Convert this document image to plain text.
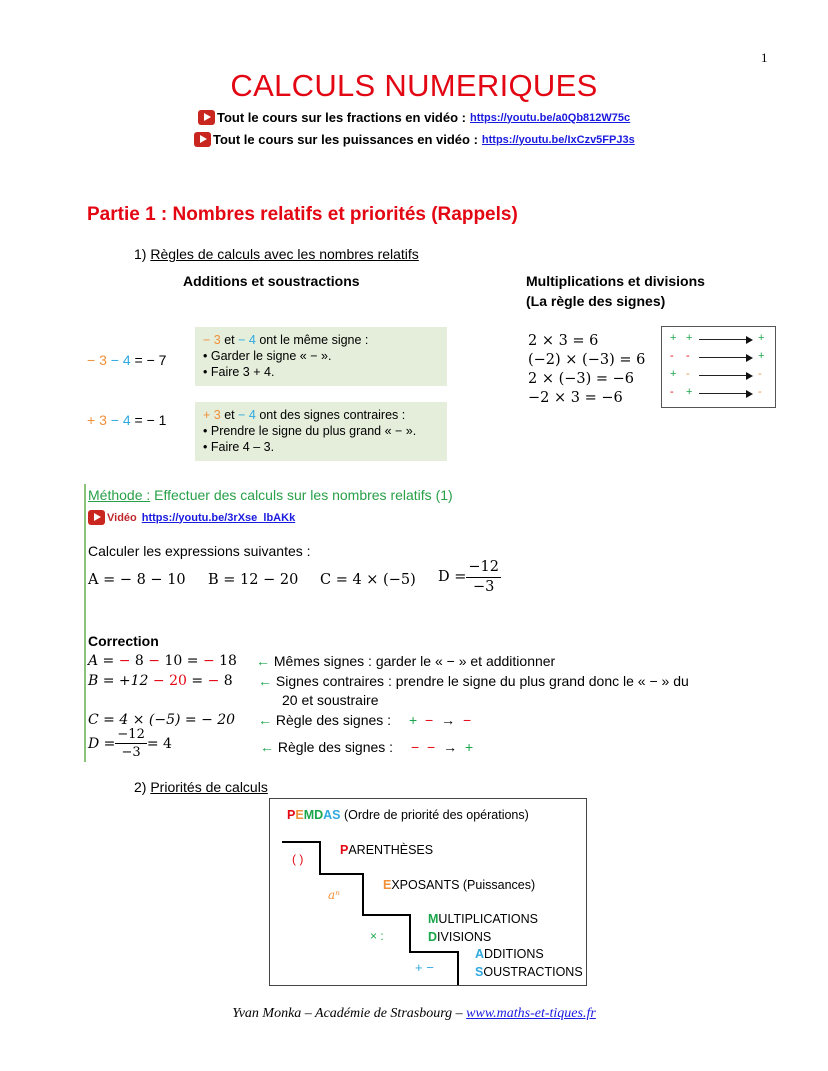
1
CALCULS NUMERIQUES
Tout le cours sur les fractions en vidéo : https://youtu.be/a0Qb812W75c
Tout le cours sur les puissances en vidéo : https://youtu.be/IxCzv5FPJ3s
Partie 1 : Nombres relatifs et priorités (Rappels)
1) Règles de calculs avec les nombres relatifs
Additions et soustractions	Multiplications et divisions
(La règle des signes)
− 3 − 4 = − 7
− 3 et − 4 ont le même signe :
• Garder le signe « − ».
• Faire 3 + 4.
+ 3 − 4 = − 1	+ 3 et − 4 ont des signes contraires :
• Prendre le signe du plus grand « − ».
• Faire 4 – 3.
2 × 3 = 6
(−2) × (−3) = 6
2 × (−3) = −6
−2 × 3 = −6
+ +	+
- -	+
+ -	-
- +	-
Méthode : Effectuer des calculs sur les nombres relatifs (1)
Vidéo https://youtu.be/3rXse_lbAKk
Calculer les expressions suivantes :
A = − 8 − 10 B = 12 − 20 C = 4 × (−5) $D = \frac{-12}{-3}$
Correction
A = − 8 − 10 = − 18 ← Mêmes signes : garder le « − » et additionner
B = +12 − 20 = − 8 ← Signes contraires : prendre le signe du plus grand donc le « − » du
20 et soustraire
C = 4 × (−5) = − 20 ← Règle des signes : + − → −
$D = \frac{-12}{-3} = 4$	← Règle des signes : − − → +
2) Priorités de calculs
PEMDAS (Ordre de priorité des opérations)
( )
PARENTHÈSES
aⁿ
EXPOSANTS (Puissances)
× :
MULTIPLICATIONS
DIVISIONS
+ −
ADDITIONS
SOUSTRACTIONS
Yvan Monka – Académie de Strasbourg – www.maths-et-tiques.fr
